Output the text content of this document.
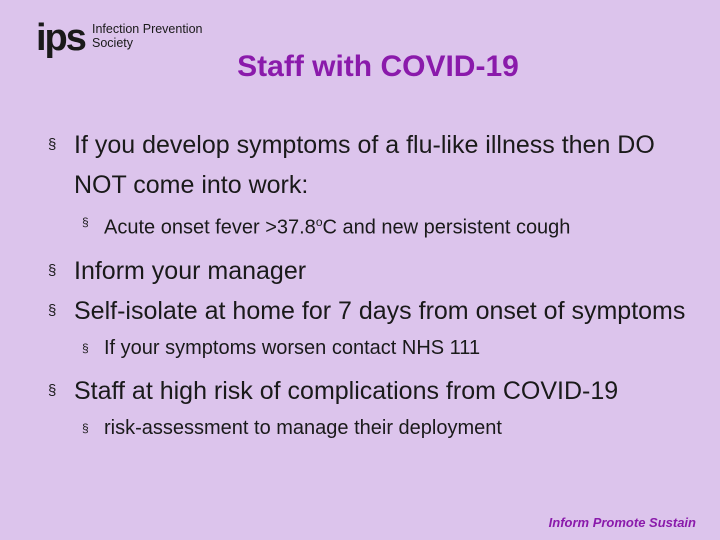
ips Infection Prevention
Society
Staff with COVID-19
§ If you develop symptoms of a flu-like illness then DO NOT come into work:
§ Acute onset fever $>37.8^oC$ and new persistent cough
§ Inform your manager
§ Self-isolate at home for 7 days from onset of symptoms
§ If your symptoms worsen contact NHS 111
§ Staff at high risk of complications from COVID-19
§ risk-assessment to manage their deployment
Inform Promote Sustain
